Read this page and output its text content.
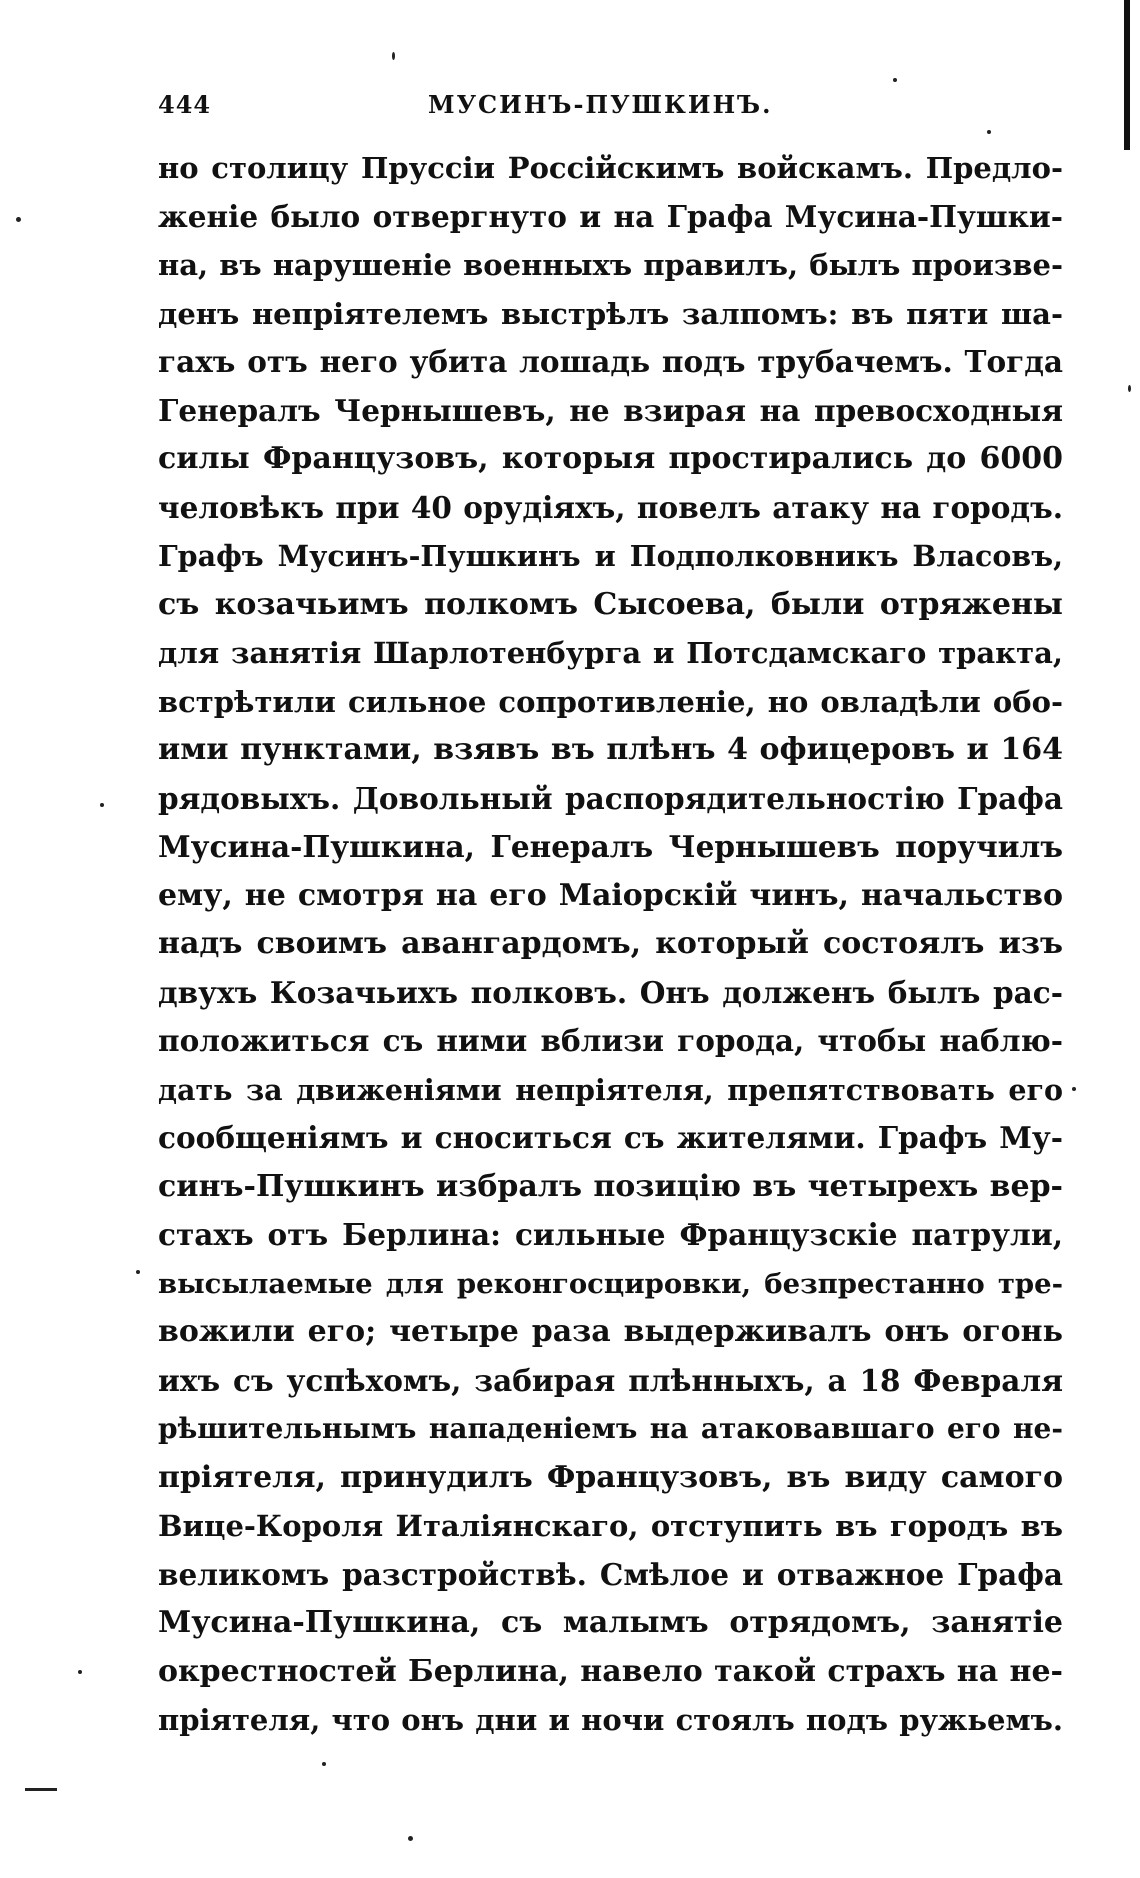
444	МУСИНЪ-ПУШКИНЪ.
но столицу Пруссіи Россійскимъ войскамъ. Предло-
женіе было отвергнуто и на Графа Мусина-Пушки-
на, въ нарушеніе военныхъ правилъ, былъ произве-
денъ непріятелемъ выстрѣлъ залпомъ: въ пяти ша-
гахъ отъ него убита лошадь подъ трубачемъ. Тогда
Генералъ Чернышевъ, не взирая на превосходныя
силы Французовъ, которыя простирались до 6000
человѣкъ при 40 орудіяхъ, повелъ атаку на городъ.
Графъ Мусинъ-Пушкинъ и Подполковникъ Власовъ,
съ козачьимъ полкомъ Сысоева, были отряжены
для занятія Шарлотенбурга и Потсдамскаго тракта,
встрѣтили сильное сопротивленіе, но овладѣли обо-
ими пунктами, взявъ въ плѣнъ 4 офицеровъ и 164
рядовыхъ. Довольный распорядительностію Графа
Мусина-Пушкина, Генералъ Чернышевъ поручилъ
ему, не смотря на его Маіорскій чинъ, начальство
надъ своимъ авангардомъ, который состоялъ изъ
двухъ Козачьихъ полковъ. Онъ долженъ былъ рас-
положиться съ ними вблизи города, чтобы наблю-
дать за движеніями непріятеля, препятствовать его
сообщеніямъ и сноситься съ жителями. Графъ Му-
синъ-Пушкинъ избралъ позицію въ четырехъ вер-
стахъ отъ Берлина: сильные Французскіе патрули,
высылаемые для реконгосцировки, безпрестанно тре-
вожили его; четыре раза выдерживалъ онъ огонь
ихъ съ успѣхомъ, забирая плѣнныхъ, а 18 Февраля
рѣшительнымъ нападеніемъ на атаковавшаго его не-
пріятеля, принудилъ Французовъ, въ виду самого
Вице-Короля Италіянскаго, отступить въ городъ въ
великомъ разстройствѣ. Смѣлое и отважное Графа
Мусина-Пушкина, съ малымъ отрядомъ, занятіе
окрестностей Берлина, навело такой страхъ на не-
пріятеля, что онъ дни и ночи стоялъ подъ ружьемъ.
